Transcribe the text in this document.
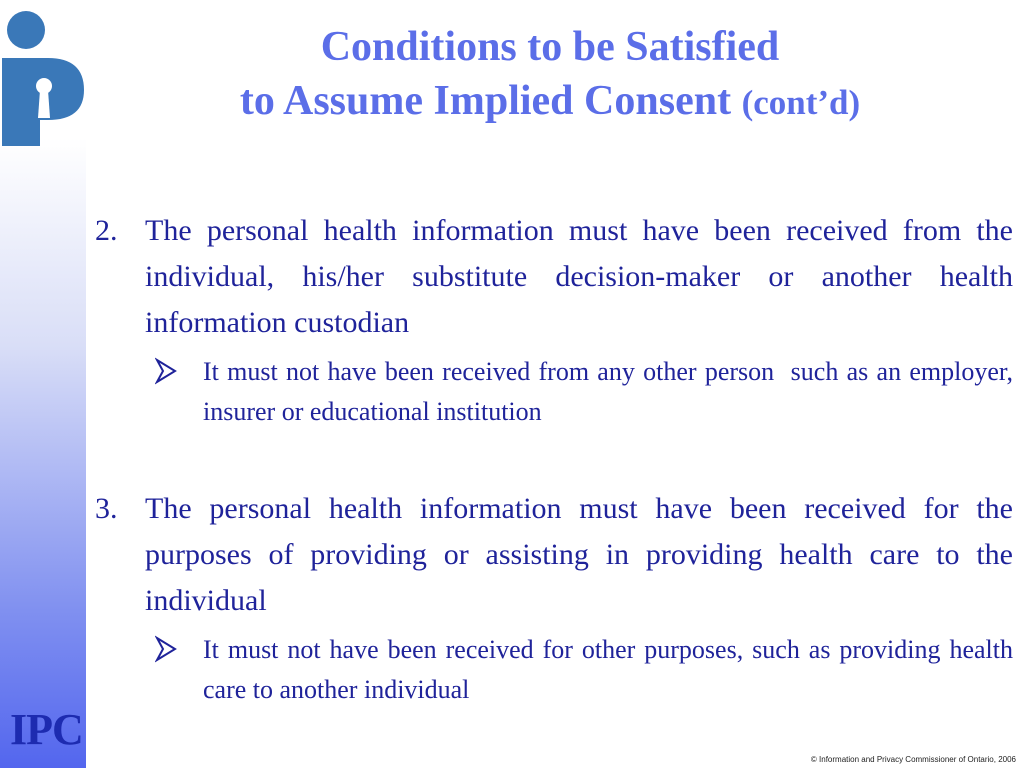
IPC
Conditions to be Satisfied
to Assume Implied Consent (cont’d)
2. The personal health information must have been received from the individual, his/her substitute decision-maker or another health information custodian
It must not have been received from any other person  such as an employer, insurer or educational institution
3. The personal health information must have been received for the purposes of providing or assisting in providing health care to the individual
It must not have been received for other purposes, such as providing health care to another individual
© Information and Privacy Commissioner of Ontario, 2006
